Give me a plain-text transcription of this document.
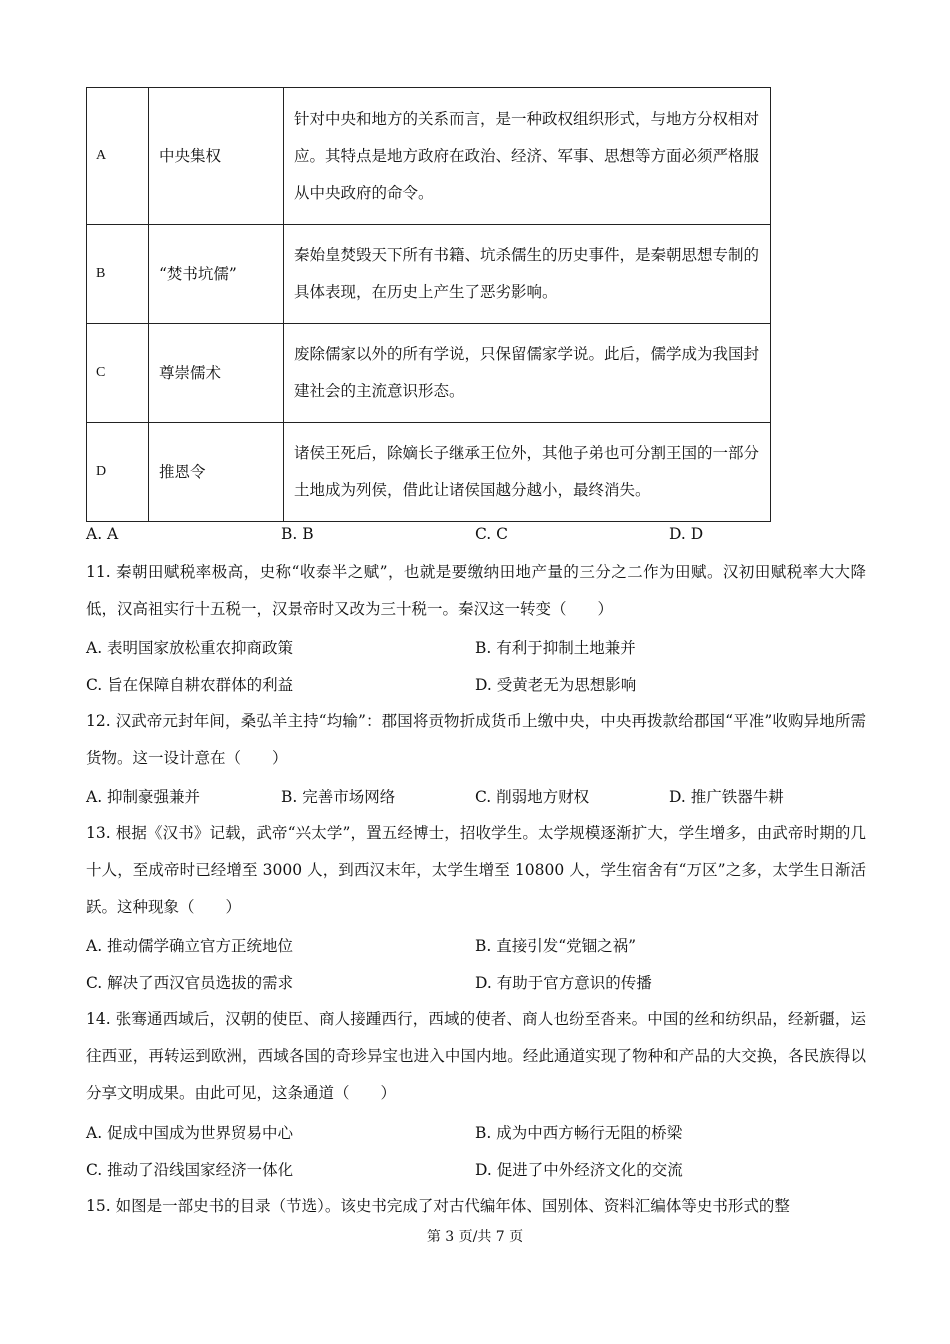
A	中央集权	针对中央和地方的关系而言，是一种政权组织形式，与地方分权相对应。其特点是地方政府在政治、经济、军事、思想等方面必须严格服从中央政府的命令。
B	“焚书坑儒”	秦始皇焚毁天下所有书籍、坑杀儒生的历史事件，是秦朝思想专制的具体表现，在历史上产生了恶劣影响。
C	尊崇儒术	废除儒家以外的所有学说，只保留儒家学说。此后，儒学成为我国封建社会的主流意识形态。
D	推恩令	诸侯王死后，除嫡长子继承王位外，其他子弟也可分割王国的一部分土地成为列侯，借此让诸侯国越分越小，最终消失。
A. A	B. B	C. C	D. D

11. 秦朝田赋税率极高，史称“收泰半之赋”，也就是要缴纳田地产量的三分之二作为田赋。汉初田赋税率大大降低，汉高祖实行十五税一，汉景帝时又改为三十税一。秦汉这一转变（　　）

A. 表明国家放松重农抑商政策	B. 有利于抑制土地兼并
C. 旨在保障自耕农群体的利益	D. 受黄老无为思想影响

12. 汉武帝元封年间，桑弘羊主持“均输”：郡国将贡物折成货币上缴中央，中央再拨款给郡国“平准”收购异地所需货物。这一设计意在（　　）

A. 抑制豪强兼并	B. 完善市场网络	C. 削弱地方财权	D. 推广铁器牛耕

13. 根据《汉书》记载，武帝“兴太学”，置五经博士，招收学生。太学规模逐渐扩大，学生增多，由武帝时期的几十人，至成帝时已经增至 3000 人，到西汉末年，太学生增至 10800 人，学生宿舍有“万区”之多，太学生日渐活跃。这种现象（　　）

A. 推动儒学确立官方正统地位	B. 直接引发“党锢之祸”
C. 解决了西汉官员选拔的需求	D. 有助于官方意识的传播

14. 张骞通西域后，汉朝的使臣、商人接踵西行，西域的使者、商人也纷至沓来。中国的丝和纺织品，经新疆，运往西亚，再转运到欧洲，西域各国的奇珍异宝也进入中国内地。经此通道实现了物种和产品的大交换，各民族得以分享文明成果。由此可见，这条通道（　　）

A. 促成中国成为世界贸易中心	B. 成为中西方畅行无阻的桥梁
C. 推动了沿线国家经济一体化	D. 促进了中外经济文化的交流

15. 如图是一部史书的目录（节选）。该史书完成了对古代编年体、国别体、资料汇编体等史书形式的整

第 3 页/共 7 页
